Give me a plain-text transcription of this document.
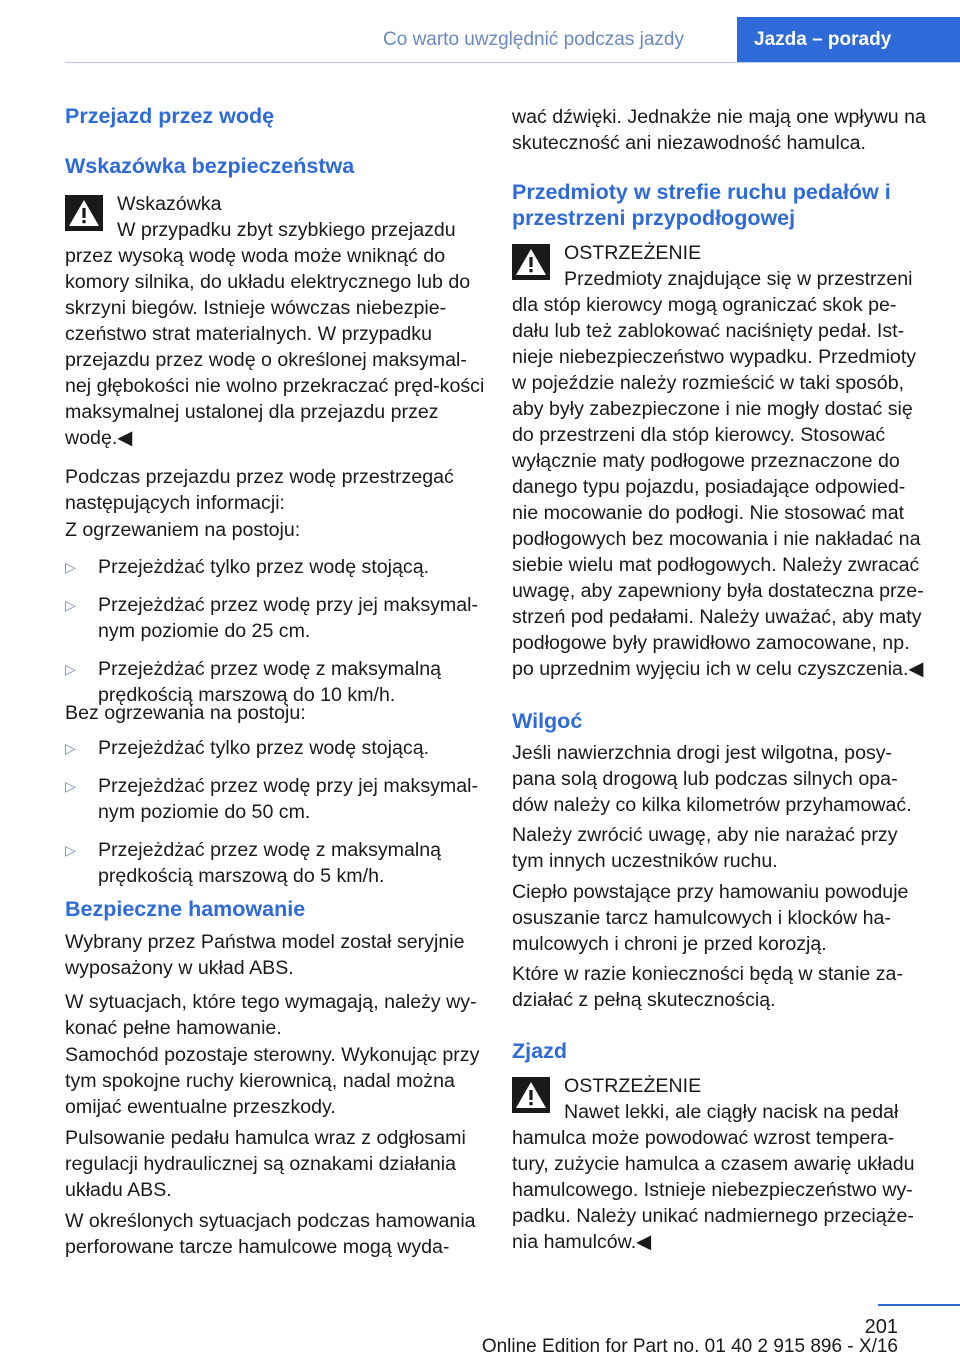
Co warto uwzględnić podczas jazdy	Jazda – porady
Przejazd przez wodę
Wskazówka bezpieczeństwa

Wskazówka

W przypadku zbyt szybkiego przejazdu

przez wysoką wodę woda może wniknąć do komory silnika, do układu elektrycznego lub do skrzyni biegów. Istnieje wówczas niebezpie‐czeństwo strat materialnych. W przypadku przejazdu przez wodę o określonej maksymal‐nej głębokości nie wolno przekraczać pręd‐kości maksymalnej ustalonej dla przejazdu przez wodę.◀

Podczas przejazdu przez wodę przestrzegać następujących informacji:

Z ogrzewaniem na postoju:

▷ Przejeżdżać tylko przez wodę stojącą.
▷ Przejeżdżać przez wodę przy jej maksymal‐nym poziomie do 25 cm.
▷ Przejeżdżać przez wodę z maksymalną prędkością marszową do 10 km/h.

Bez ogrzewania na postoju:

▷ Przejeżdżać tylko przez wodę stojącą.
▷ Przejeżdżać przez wodę przy jej maksymal‐nym poziomie do 50 cm.
▷ Przejeżdżać przez wodę z maksymalną prędkością marszową do 5 km/h.
Bezpieczne hamowanie

Wybrany przez Państwa model został seryjnie wyposażony w układ ABS.

W sytuacjach, które tego wymagają, należy wy‐konać pełne hamowanie.

Samochód pozostaje sterowny. Wykonując przy tym spokojne ruchy kierownicą, nadal można omijać ewentualne przeszkody.

Pulsowanie pedału hamulca wraz z odgłosami regulacji hydraulicznej są oznakami działania układu ABS.

W określonych sytuacjach podczas hamowania perforowane tarcze hamulcowe mogą wyda‐

wać dźwięki. Jednakże nie mają one wpływu na skuteczność ani niezawodność hamulca.

Przedmioty w strefie ruchu pedałów i przestrzeni przypodłogowej

OSTRZEŻENIE

Przedmioty znajdujące się w przestrzeni

dla stóp kierowcy mogą ograniczać skok pe‐dału lub też zablokować naciśnięty pedał. Ist‐nieje niebezpieczeństwo wypadku. Przedmioty w pojeździe należy rozmieścić w taki sposób, aby były zabezpieczone i nie mogły dostać się do przestrzeni dla stóp kierowcy. Stosować wyłącznie maty podłogowe przeznaczone do danego typu pojazdu, posiadające odpowied‐nie mocowanie do podłogi. Nie stosować mat podłogowych bez mocowania i nie nakładać na siebie wielu mat podłogowych. Należy zwracać uwagę, aby zapewniony była dostateczna prze‐strzeń pod pedałami. Należy uważać, aby maty podłogowe były prawidłowo zamocowane, np. po uprzednim wyjęciu ich w celu czyszczenia.◀

Wilgoć

Jeśli nawierzchnia drogi jest wilgotna, posy‐pana solą drogową lub podczas silnych opa‐dów należy co kilka kilometrów przyhamować.

Należy zwrócić uwagę, aby nie narażać przy tym innych uczestników ruchu.

Ciepło powstające przy hamowaniu powoduje osuszanie tarcz hamulcowych i klocków ha‐mulcowych i chroni je przed korozją.

Które w razie konieczności będą w stanie za‐działać z pełną skutecznością.

Zjazd

OSTRZEŻENIE

Nawet lekki, ale ciągły nacisk na pedał

hamulca może powodować wzrost tempera‐tury, zużycie hamulca a czasem awarię układu hamulcowego. Istnieje niebezpieczeństwo wy‐padku. Należy unikać nadmiernego przeciąże‐nia hamulców.◀

201
Online Edition for Part no. 01 40 2 915 896 - X/16
